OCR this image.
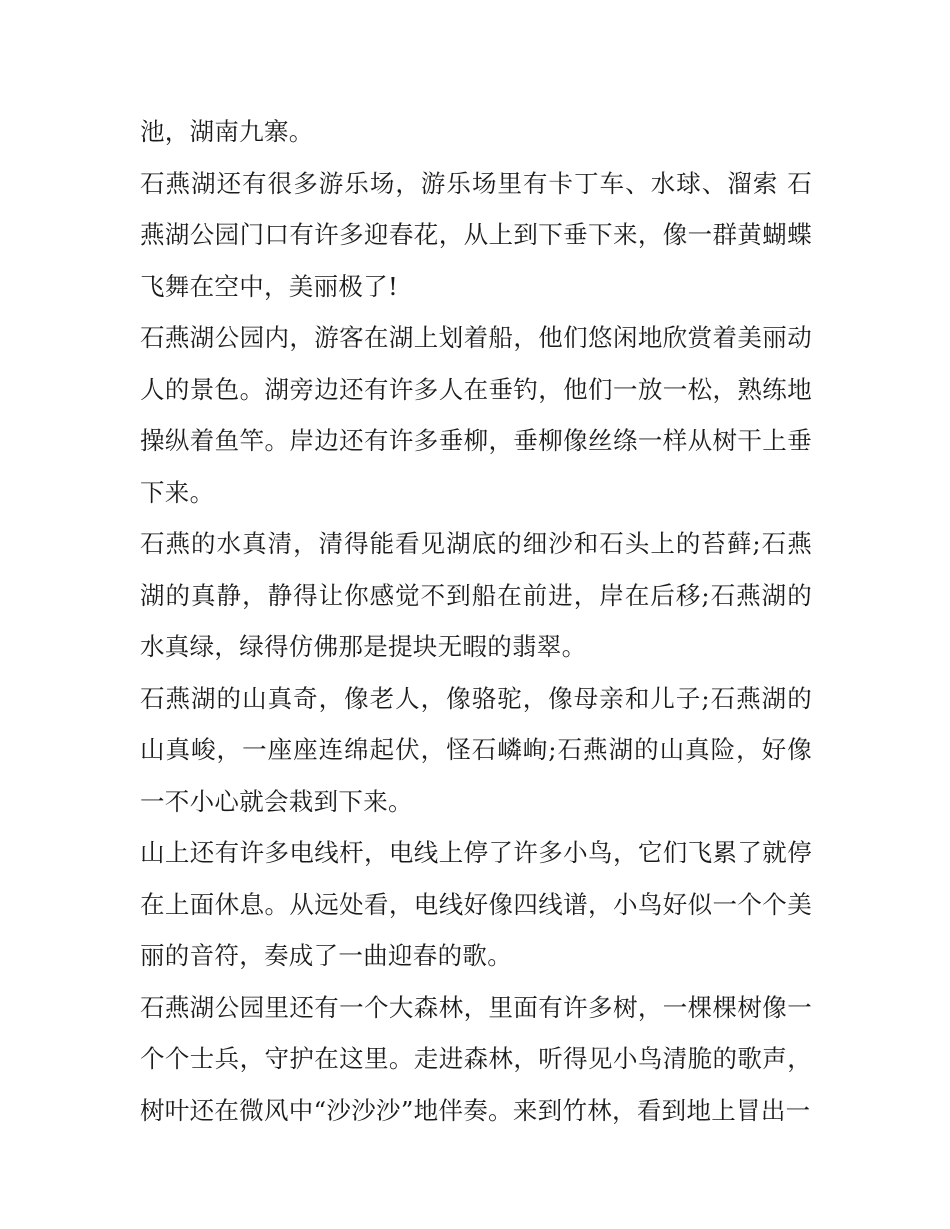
池，湖南九寨。

石燕湖还有很多游乐场，游乐场里有卡丁车、水球、溜索 石燕湖公园门口有许多迎春花，从上到下垂下来，像一群黄蝴蝶飞舞在空中，美丽极了!

石燕湖公园内，游客在湖上划着船，他们悠闲地欣赏着美丽动人的景色。湖旁边还有许多人在垂钓，他们一放一松，熟练地操纵着鱼竿。岸边还有许多垂柳，垂柳像丝绦一样从树干上垂下来。

石燕的水真清，清得能看见湖底的细沙和石头上的苔藓;石燕湖的真静，静得让你感觉不到船在前进，岸在后移;石燕湖的水真绿，绿得仿佛那是提块无暇的翡翠。

石燕湖的山真奇，像老人，像骆驼，像母亲和儿子;石燕湖的山真峻，一座座连绵起伏，怪石嶙峋;石燕湖的山真险，好像一不小心就会栽到下来。

山上还有许多电线杆，电线上停了许多小鸟，它们飞累了就停在上面休息。从远处看，电线好像四线谱，小鸟好似一个个美丽的音符，奏成了一曲迎春的歌。

石燕湖公园里还有一个大森林，里面有许多树，一棵棵树像一个个士兵，守护在这里。走进森林，听得见小鸟清脆的歌声，树叶还在微风中“沙沙沙”地伴奏。来到竹林，看到地上冒出一
